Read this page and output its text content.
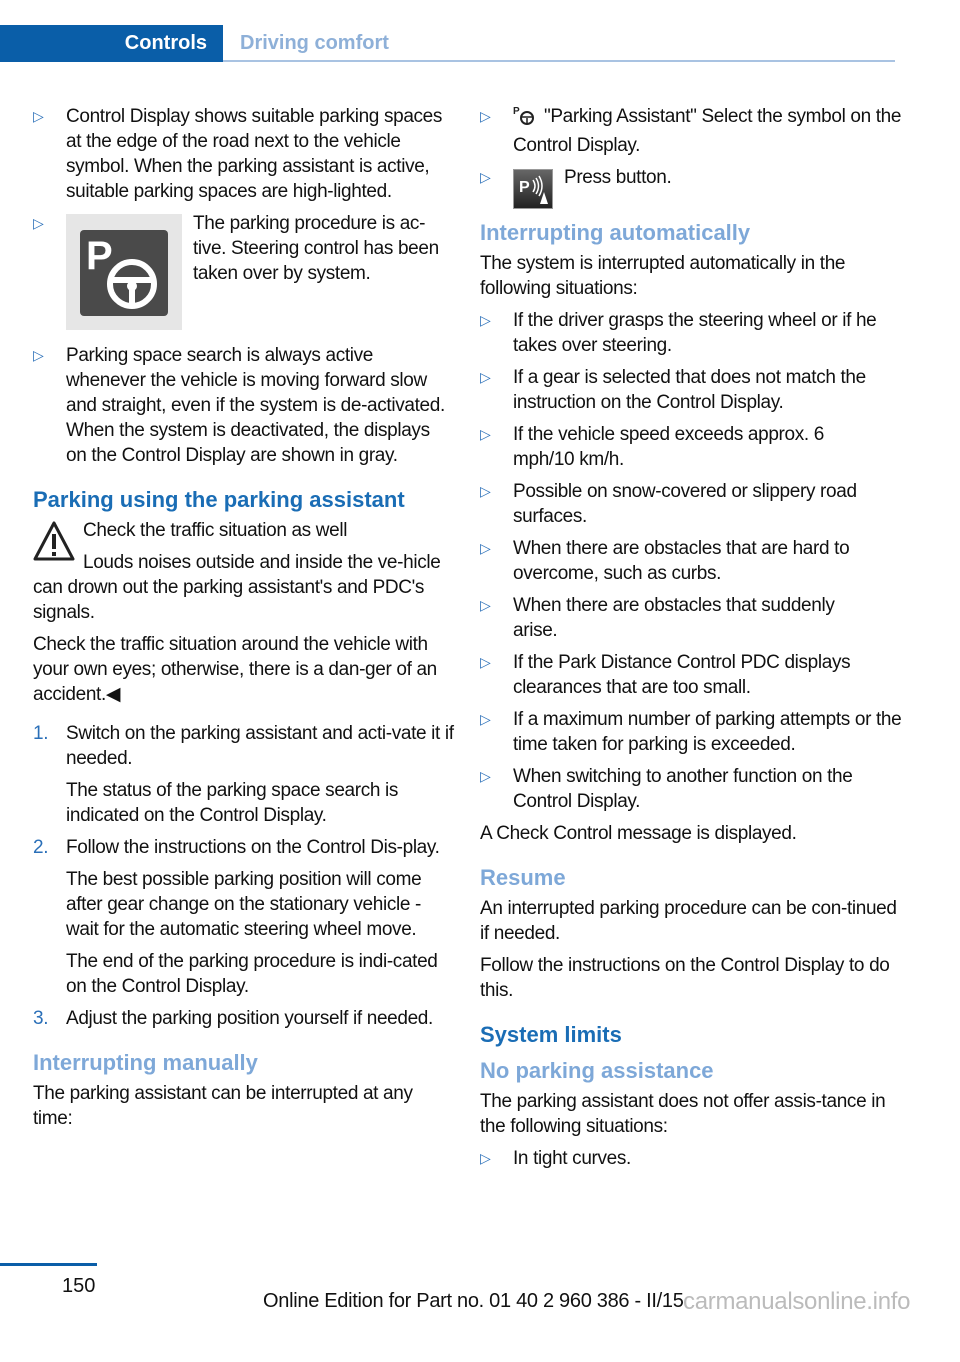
Controls	Driving comfort
▷ Control Display shows suitable parking spaces at the edge of the road next to the vehicle symbol. When the parking assistant is active, suitable parking spaces are high‐lighted.
▷
P
The parking procedure is ac‐tive. Steering control has been taken over by system.
▷ Parking space search is always active whenever the vehicle is moving forward slow and straight, even if the system is de‐activated. When the system is deactivated, the displays on the Control Display are shown in gray.
Parking using the parking assistant
Check the traffic situation as well
Louds noises outside and inside the ve‐hicle can drown out the parking assistant's and PDC's signals.
Check the traffic situation around the vehicle with your own eyes; otherwise, there is a dan‐ger of an accident.◀
1. Switch on the parking assistant and acti‐vate it if needed.
The status of the parking space search is indicated on the Control Display.
2. Follow the instructions on the Control Dis‐play.
The best possible parking position will come after gear change on the stationary vehicle - wait for the automatic steering wheel move.
The end of the parking procedure is indi‐cated on the Control Display.
3. Adjust the parking position yourself if needed.
Interrupting manually
The parking assistant can be interrupted at any time:
▷ P "Parking Assistant" Select the symbol on the Control Display.
▷
P Press button.
Interrupting automatically
The system is interrupted automatically in the following situations:
▷ If the driver grasps the steering wheel or if he takes over steering.
▷ If a gear is selected that does not match the instruction on the Control Display.
▷ If the vehicle speed exceeds approx. 6 mph/10 km/h.
▷ Possible on snow-covered or slippery road surfaces.
▷ When there are obstacles that are hard to overcome, such as curbs.
▷ When there are obstacles that suddenly arise.
▷ If the Park Distance Control PDC displays clearances that are too small.
▷ If a maximum number of parking attempts or the time taken for parking is exceeded.
▷ When switching to another function on the Control Display.
A Check Control message is displayed.
Resume
An interrupted parking procedure can be con‐tinued if needed.
Follow the instructions on the Control Display to do this.
System limits
No parking assistance
The parking assistant does not offer assis‐tance in the following situations:
▷ In tight curves.
150
Online Edition for Part no. 01 40 2 960 386 - II/15 carmanualsonline.info
